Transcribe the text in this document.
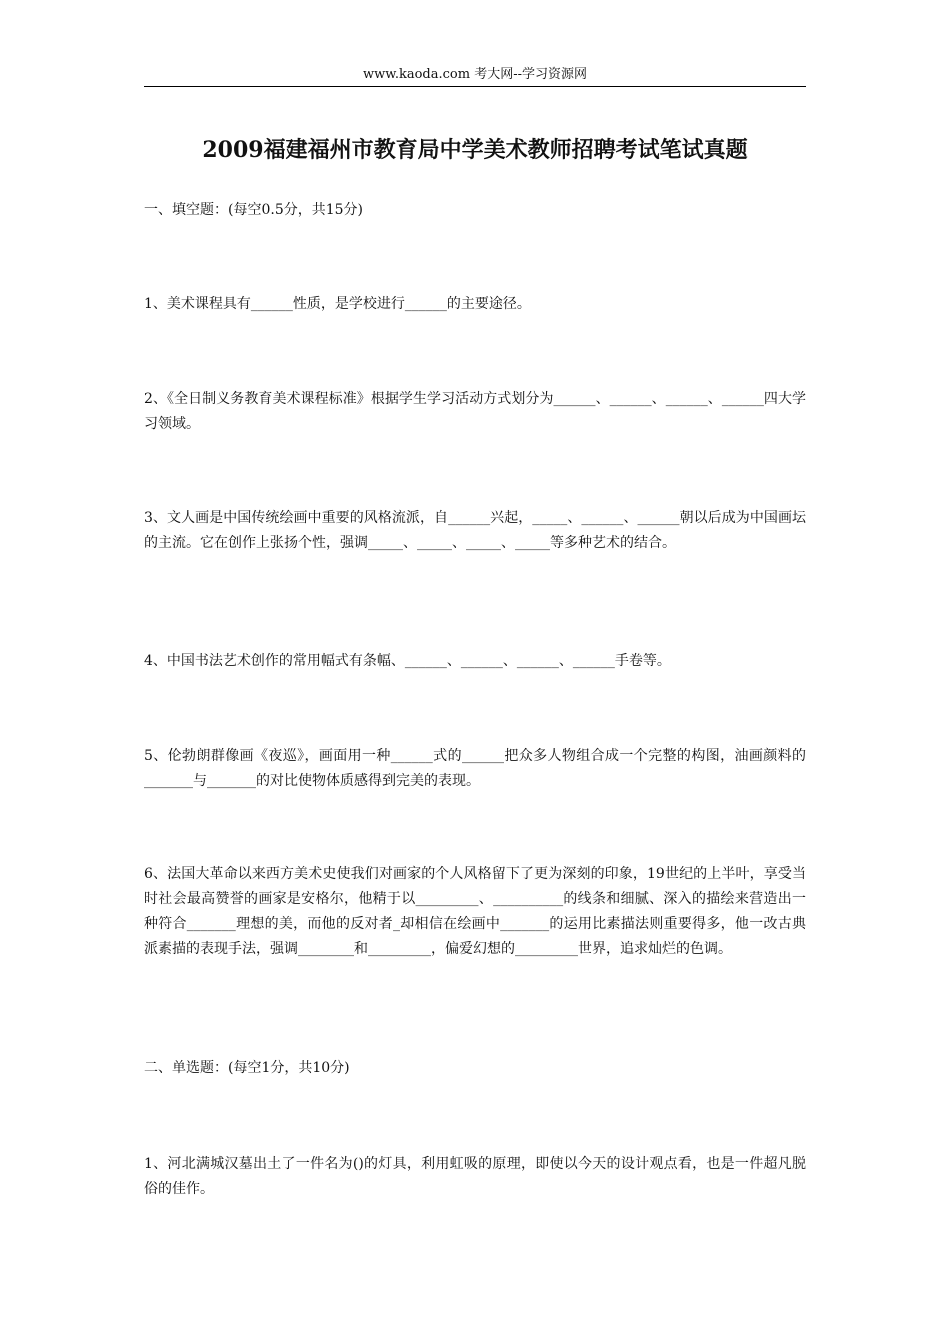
www.kaoda.com 考大网--学习资源网
2009福建福州市教育局中学美术教师招聘考试笔试真题
一、填空题：(每空0.5分，共15分)
1、美术课程具有______性质，是学校进行______的主要途径。
2、《全日制义务教育美术课程标准》根据学生学习活动方式划分为______、______、______、______四大学习领域。
3、文人画是中国传统绘画中重要的风格流派，自______兴起，_____、______、______朝以后成为中国画坛的主流。它在创作上张扬个性，强调_____、_____、_____、_____等多种艺术的结合。
4、中国书法艺术创作的常用幅式有条幅、______、______、______、______手卷等。
5、伦勃朗群像画《夜巡》，画面用一种______式的______把众多人物组合成一个完整的构图，油画颜料的_______与_______的对比使物体质感得到完美的表现。
6、法国大革命以来西方美术史使我们对画家的个人风格留下了更为深刻的印象，19世纪的上半叶，享受当时社会最高赞誉的画家是安格尔，他精于以_________、__________的线条和细腻、深入的描绘来营造出一种符合_______理想的美，而他的反对者_却相信在绘画中_______的运用比素描法则重要得多，他一改古典派素描的表现手法，强调________和_________，偏爱幻想的_________世界，追求灿烂的色调。
二、单选题：(每空1分，共10分)
1、河北满城汉墓出土了一件名为()的灯具，利用虹吸的原理，即使以今天的设计观点看，也是一件超凡脱俗的佳作。
